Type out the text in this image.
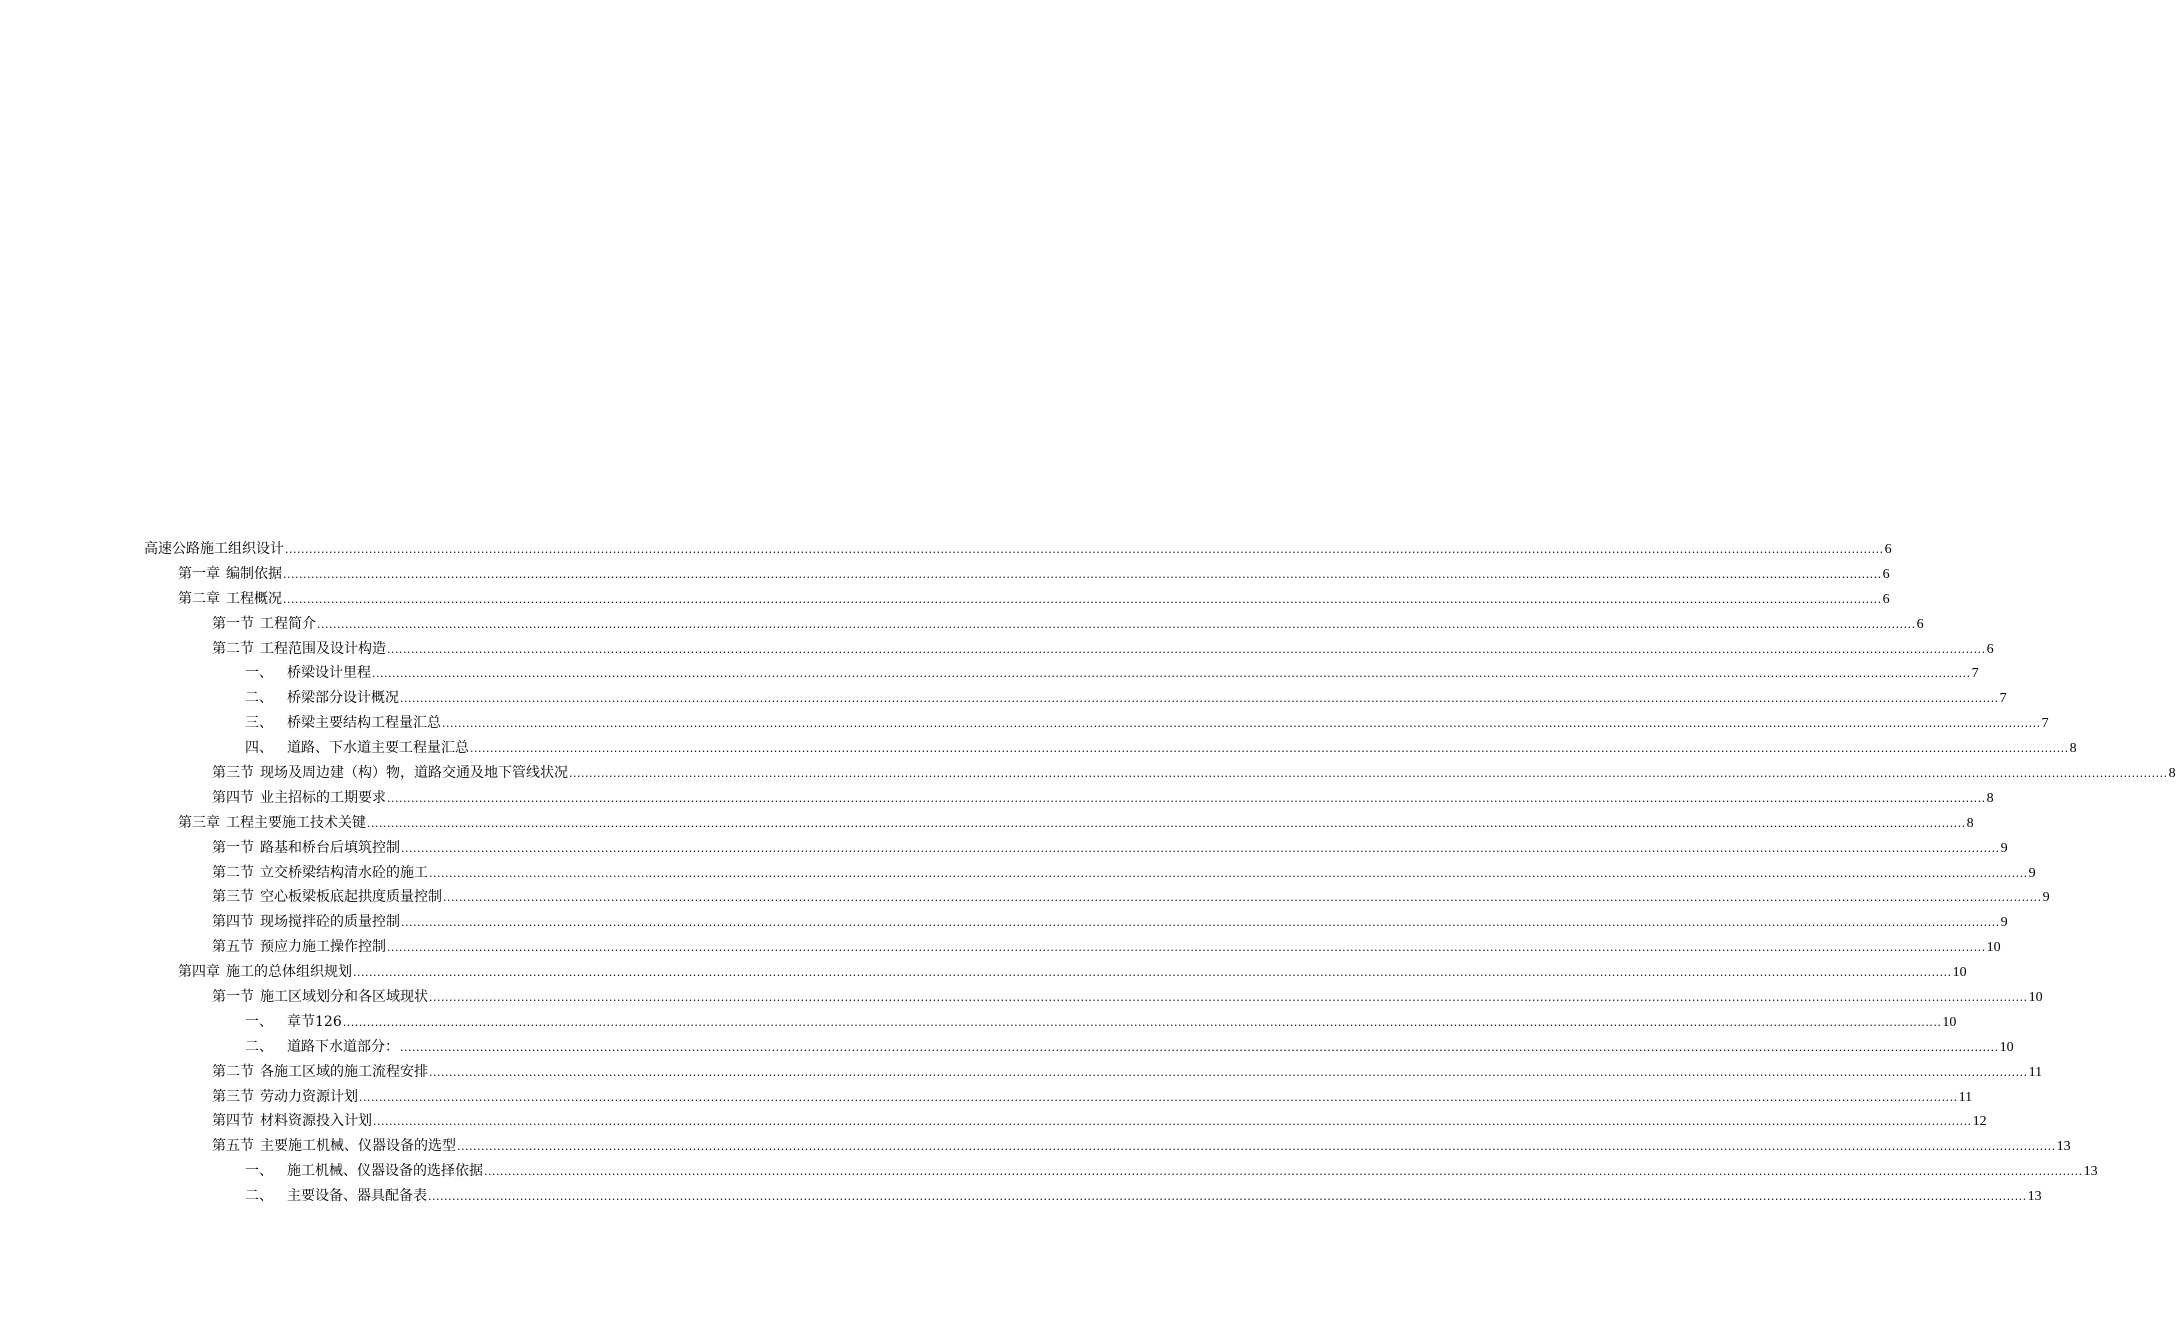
高速公路施工组织设计 ................................................................................................................................................................................................................................................................................................................................................................................................................ 6
第一章 编制依据 ................................................................................................................................................................................................................................................................................................................................................................................................................ 6
第二章 工程概况 ................................................................................................................................................................................................................................................................................................................................................................................................................ 6
第一节 工程简介 ................................................................................................................................................................................................................................................................................................................................................................................................................ 6
第二节 工程范围及设计构造 ................................................................................................................................................................................................................................................................................................................................................................................................................ 6
一、	桥梁设计里程 ................................................................................................................................................................................................................................................................................................................................................................................................................ 7
二、	桥梁部分设计概况 ................................................................................................................................................................................................................................................................................................................................................................................................................ 7
三、	桥梁主要结构工程量汇总 ................................................................................................................................................................................................................................................................................................................................................................................................................ 7
四、	道路、下水道主要工程量汇总 ................................................................................................................................................................................................................................................................................................................................................................................................................ 8
第三节 现场及周边建（构）物，道路交通及地下管线状况 ................................................................................................................................................................................................................................................................................................................................................................................................................ 8
第四节 业主招标的工期要求 ................................................................................................................................................................................................................................................................................................................................................................................................................ 8
第三章 工程主要施工技术关键 ................................................................................................................................................................................................................................................................................................................................................................................................................ 8
第一节 路基和桥台后填筑控制 ................................................................................................................................................................................................................................................................................................................................................................................................................ 9
第二节 立交桥梁结构清水砼的施工 ................................................................................................................................................................................................................................................................................................................................................................................................................ 9
第三节 空心板梁板底起拱度质量控制 ................................................................................................................................................................................................................................................................................................................................................................................................................ 9
第四节 现场搅拌砼的质量控制 ................................................................................................................................................................................................................................................................................................................................................................................................................ 9
第五节 预应力施工操作控制 ................................................................................................................................................................................................................................................................................................................................................................................................................ 10
第四章 施工的总体组织规划 ................................................................................................................................................................................................................................................................................................................................................................................................................ 10
第一节 施工区域划分和各区域现状 ................................................................................................................................................................................................................................................................................................................................................................................................................ 10
一、	章节126 ................................................................................................................................................................................................................................................................................................................................................................................................................ 10
二、	道路下水道部分： ................................................................................................................................................................................................................................................................................................................................................................................................................ 10
第二节 各施工区域的施工流程安排 ................................................................................................................................................................................................................................................................................................................................................................................................................ 11
第三节 劳动力资源计划 ................................................................................................................................................................................................................................................................................................................................................................................................................ 11
第四节 材料资源投入计划 ................................................................................................................................................................................................................................................................................................................................................................................................................ 12
第五节 主要施工机械、仪器设备的选型 ................................................................................................................................................................................................................................................................................................................................................................................................................ 13
一、	施工机械、仪器设备的选择依据 ................................................................................................................................................................................................................................................................................................................................................................................................................ 13
二、	主要设备、器具配备表 ................................................................................................................................................................................................................................................................................................................................................................................................................ 13
